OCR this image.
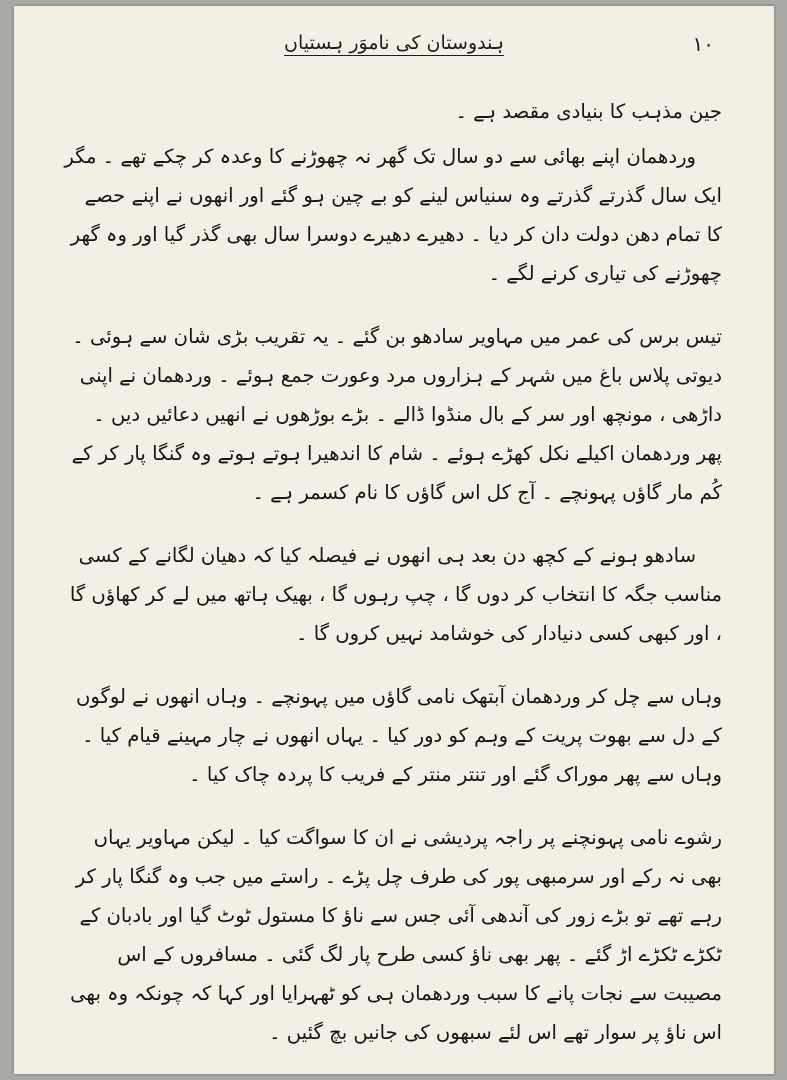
ہندوستان کی ناموَر ہستیاں	۱۰

جین مذہب کا بنیادی مقصد ہے ۔

وردھمان اپنے بھائی سے دو سال تک گھر نہ چھوڑنے کا وعدہ کر چکے تھے ۔ مگر ایک سال گذرتے گذرتے وہ سنیاس لینے کو بے چین ہو گئے اور انھوں نے اپنے حصے کا تمام دھن دولت دان کر دیا ۔ دھیرے دھیرے دوسرا سال بھی گذر گیا اور وہ گھر چھوڑنے کی تیاری کرنے لگے ۔

تیس برس کی عمر میں مہاویر سادھو بن گئے ۔ یہ تقریب بڑی شان سے ہوئی ۔ دیوتی پلاس باغ میں شہر کے ہزاروں مرد وعورت جمع ہوئے ۔ وردھمان نے اپنی داڑھی ، مونچھ اور سر کے بال منڈوا ڈالے ۔ بڑے بوڑھوں نے انھیں دعائیں دیں ۔ پھر وردھمان اکیلے نکل کھڑے ہوئے ۔ شام کا اندھیرا ہوتے ہوتے وہ گنگا پار کر کے کُم مار گاؤں پہونچے ۔ آج کل اس گاؤں کا نام کسمر ہے ۔

سادھو ہونے کے کچھ دن بعد ہی انھوں نے فیصلہ کیا کہ دھیان لگانے کے کسی مناسب جگہ کا انتخاب کر دوں گا ، چپ رہوں گا ، بھیک ہاتھ میں لے کر کھاؤں گا ، اور کبھی کسی دنیادار کی خوشامد نہیں کروں گا ۔

وہاں سے چل کر وردھمان آبتھک نامی گاؤں میں پہونچے ۔ وہاں انھوں نے لوگوں کے دل سے بھوت پریت کے وہم کو دور کیا ۔ یہاں انھوں نے چار مہینے قیام کیا ۔ وہاں سے پھر موراک گئے اور تنتر منتر کے فریب کا پردہ چاک کیا ۔

رشوے نامی پہونچنے پر راجہ پردیشی نے ان کا سواگت کیا ۔ لیکن مہاویر یہاں بھی نہ رکے اور سرمبھی پور کی طرف چل پڑے ۔ راستے میں جب وہ گنگا پار کر رہے تھے تو بڑے زور کی آندھی آئی جس سے ناؤ کا مستول ٹوٹ گیا اور بادبان کے ٹکڑے ٹکڑے اڑ گئے ۔ پھر بھی ناؤ کسی طرح پار لگ گئی ۔ مسافروں کے اس مصیبت سے نجات پانے کا سبب وردھمان ہی کو ٹھہرایا اور کہا کہ چونکہ وہ بھی اس ناؤ پر سوار تھے اس لئے سبھوں کی جانیں بچ گئیں ۔
